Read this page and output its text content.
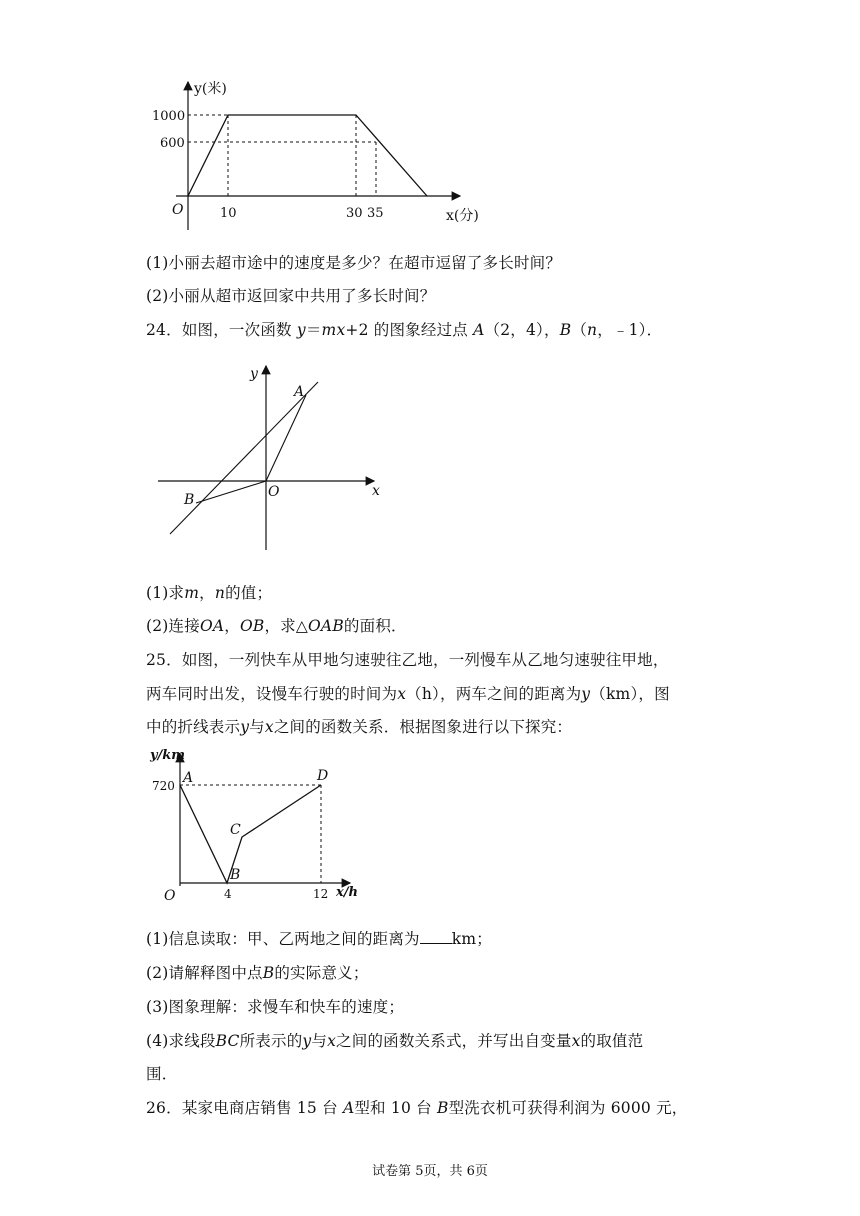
y(米)
x(分)
O
1000
600
10	30 35
(1)小丽去超市途中的速度是多少？在超市逗留了多长时间？
(2)小丽从超市返回家中共用了多长时间？
24．如图，一次函数 y＝mx+2 的图象经过点 A（2，4），B（n，﹣1）．
y
x
A
B	O
(1)求m，n的值；
(2)连接OA，OB，求△OAB的面积．
25．如图，一列快车从甲地匀速驶往乙地，一列慢车从乙地匀速驶往甲地，
两车同时出发，设慢车行驶的时间为x（h），两车之间的距离为y（km），图
中的折线表示y与x之间的函数关系．根据图象进行以下探究：
y/km
x/h
O
720
4	12
A
B
C
D
(1)信息读取：甲、乙两地之间的距离为 km；
(2)请解释图中点B的实际意义；
(3)图象理解：求慢车和快车的速度；
(4)求线段BC所表示的y与x之间的函数关系式，并写出自变量x的取值范
围．
26．某家电商店销售 15 台 A型和 10 台 B型洗衣机可获得利润为 6000 元，
试卷第 5页，共 6页
